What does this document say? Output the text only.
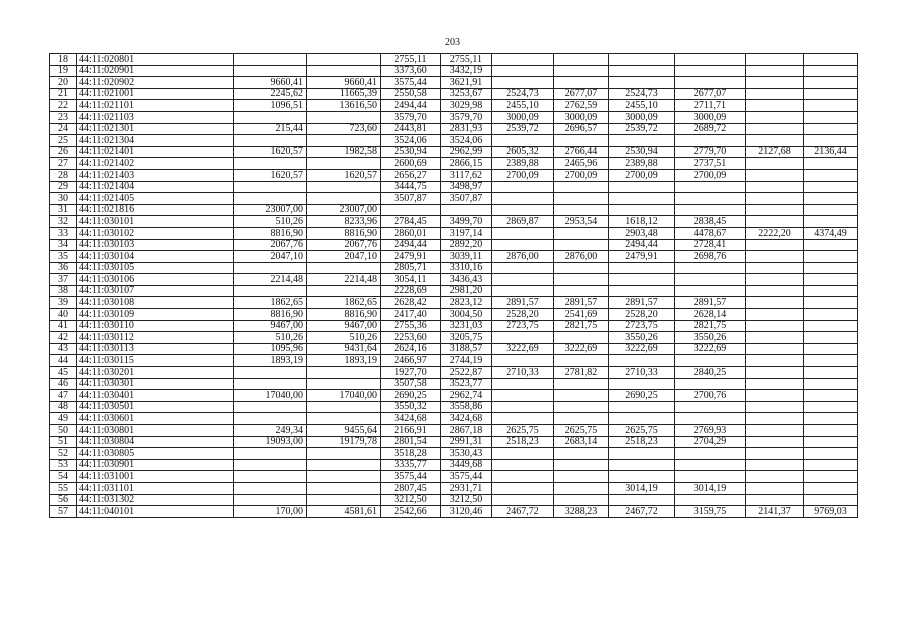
203
18	44:11:020801			2755,11	2755,11						
19	44:11:020901			3373,60	3432,19						
20	44:11:020902	9660,41	9660,41	3575,44	3621,91						
21	44:11:021001	2245,62	11665,39	2550,58	3253,67	2524,73	2677,07	2524,73	2677,07		
22	44:11:021101	1096,51	13616,50	2494,44	3029,98	2455,10	2762,59	2455,10	2711,71		
23	44:11:021103			3579,70	3579,70	3000,09	3000,09	3000,09	3000,09		
24	44:11:021301	215,44	723,60	2443,81	2831,93	2539,72	2696,57	2539,72	2689,72		
25	44:11:021304			3524,06	3524,06						
26	44:11:021401	1620,57	1982,58	2530,94	2962,99	2605,32	2766,44	2530,94	2779,70	2127,68	2136,44
27	44:11:021402			2600,69	2866,15	2389,88	2465,96	2389,88	2737,51		
28	44:11:021403	1620,57	1620,57	2656,27	3117,62	2700,09	2700,09	2700,09	2700,09		
29	44:11:021404			3444,75	3498,97						
30	44:11:021405			3507,87	3507,87						
31	44:11:021816	23007,00	23007,00								
32	44:11:030101	510,26	8233,96	2784,45	3499,70	2869,87	2953,54	1618,12	2838,45		
33	44:11:030102	8816,90	8816,90	2860,01	3197,14			2903,48	4478,67	2222,20	4374,49
34	44:11:030103	2067,76	2067,76	2494,44	2892,20			2494,44	2728,41		
35	44:11:030104	2047,10	2047,10	2479,91	3039,11	2876,00	2876,00	2479,91	2698,76		
36	44:11:030105			2805,71	3310,16						
37	44:11:030106	2214,48	2214,48	3054,11	3436,43						
38	44:11:030107			2228,69	2981,20						
39	44:11:030108	1862,65	1862,65	2628,42	2823,12	2891,57	2891,57	2891,57	2891,57		
40	44:11:030109	8816,90	8816,90	2417,40	3004,50	2528,20	2541,69	2528,20	2628,14		
41	44:11:030110	9467,00	9467,00	2755,36	3231,03	2723,75	2821,75	2723,75	2821,75		
42	44:11:030112	510,26	510,26	2253,60	3205,75			3550,26	3550,26		
43	44:11:030113	1095,96	9431,64	2624,16	3188,57	3222,69	3222,69	3222,69	3222,69		
44	44:11:030115	1893,19	1893,19	2466,97	2744,19						
45	44:11:030201			1927,70	2522,87	2710,33	2781,82	2710,33	2840,25		
46	44:11:030301			3507,58	3523,77						
47	44:11:030401	17040,00	17040,00	2690,25	2962,74			2690,25	2700,76		
48	44:11:030501			3550,32	3558,86						
49	44:11:030601			3424,68	3424,68						
50	44:11:030801	249,34	9455,64	2166,91	2867,18	2625,75	2625,75	2625,75	2769,93		
51	44:11:030804	19093,00	19179,78	2801,54	2991,31	2518,23	2683,14	2518,23	2704,29		
52	44:11:030805			3518,28	3530,43						
53	44:11:030901			3335,77	3449,68						
54	44:11:031001			3575,44	3575,44						
55	44:11:031101			2807,45	2931,71			3014,19	3014,19		
56	44:11:031302			3212,50	3212,50						
57	44:11:040101	170,00	4581,61	2542,66	3120,46	2467,72	3288,23	2467,72	3159,75	2141,37	9769,03
